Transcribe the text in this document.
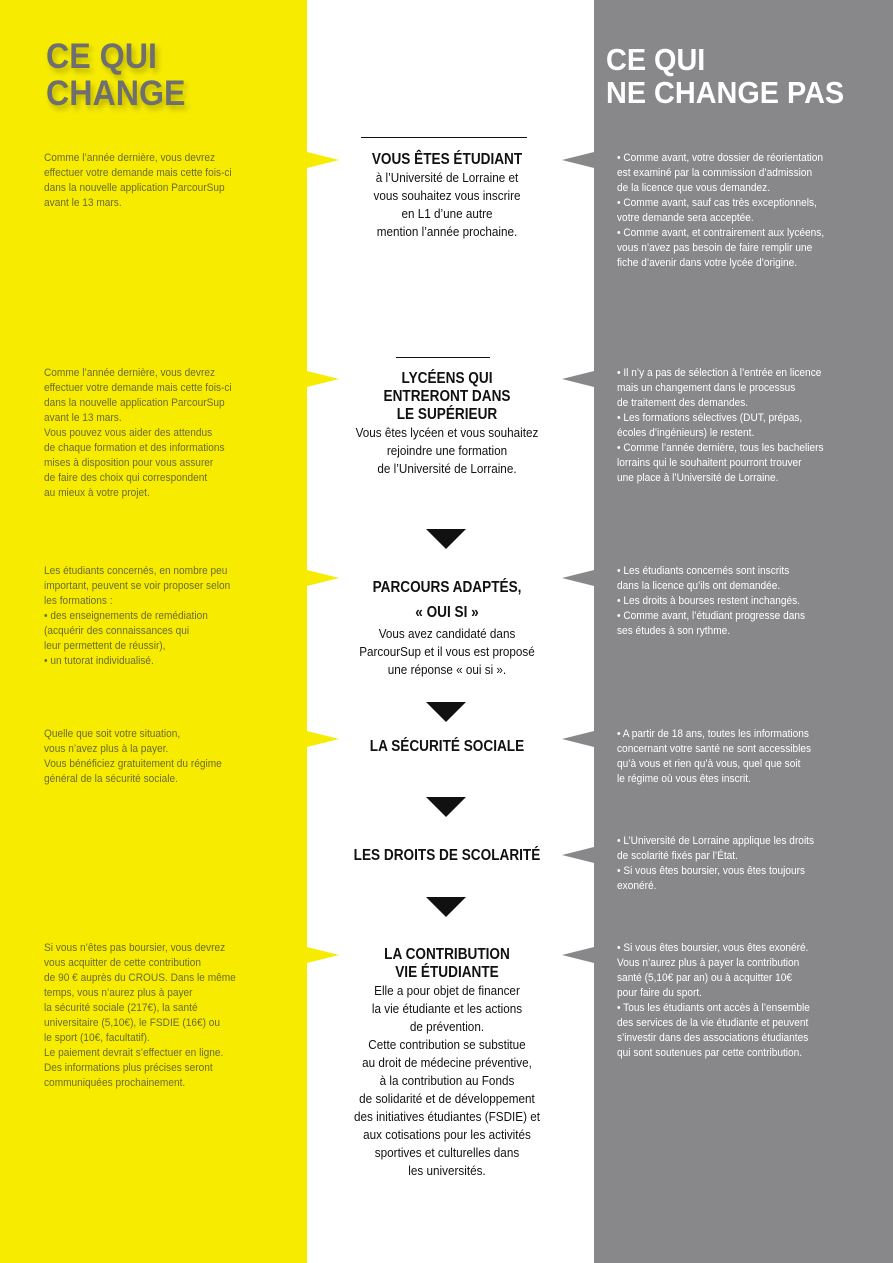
CE QUI
CHANGE
CE QUI
NE CHANGE PAS
Comme l’année dernière, vous devrez
effectuer votre demande mais cette fois-ci
dans la nouvelle application ParcourSup
avant le 13 mars.
VOUS ÊTES ÉTUDIANT
à l’Université de Lorraine et
vous souhaitez vous inscrire
en L1 d’une autre
mention l’année prochaine.
• Comme avant, votre dossier de réorientation
est examiné par la commission d’admission
de la licence que vous demandez.
• Comme avant, sauf cas très exceptionnels,
votre demande sera acceptée.
• Comme avant, et contrairement aux lycéens,
vous n’avez pas besoin de faire remplir une
fiche d’avenir dans votre lycée d’origine.
Comme l’année dernière, vous devrez
effectuer votre demande mais cette fois-ci
dans la nouvelle application ParcourSup
avant le 13 mars.
Vous pouvez vous aider des attendus
de chaque formation et des informations
mises à disposition pour vous assurer
de faire des choix qui correspondent
au mieux à votre projet.
LYCÉENS QUI
ENTRERONT DANS
LE SUPÉRIEUR
Vous êtes lycéen et vous souhaitez
rejoindre une formation
de l’Université de Lorraine.
• Il n’y a pas de sélection à l’entrée en licence
mais un changement dans le processus
de traitement des demandes.
• Les formations sélectives (DUT, prépas,
écoles d’ingénieurs) le restent.
• Comme l’année dernière, tous les bacheliers
lorrains qui le souhaitent pourront trouver
une place à l’Université de Lorraine.
Les étudiants concernés, en nombre peu
important, peuvent se voir proposer selon
les formations :
• des enseignements de remédiation
(acquérir des connaissances qui
leur permettent de réussir),
• un tutorat individualisé.
PARCOURS ADAPTÉS,
« OUI SI »
Vous avez candidaté dans
ParcourSup et il vous est proposé
une réponse « oui si ».
• Les étudiants concernés sont inscrits
dans la licence qu’ils ont demandée.
• Les droits à bourses restent inchangés.
• Comme avant, l’étudiant progresse dans
ses études à son rythme.
Quelle que soit votre situation,
vous n’avez plus à la payer.
Vous bénéficiez gratuitement du régime
général de la sécurité sociale.
LA SÉCURITÉ SOCIALE
• A partir de 18 ans, toutes les informations
concernant votre santé ne sont accessibles
qu’à vous et rien qu’à vous, quel que soit
le régime où vous êtes inscrit.
LES DROITS DE SCOLARITÉ
• L’Université de Lorraine applique les droits
de scolarité fixés par l’État.
• Si vous êtes boursier, vous êtes toujours
exonéré.
Si vous n’êtes pas boursier, vous devrez
vous acquitter de cette contribution
de 90 € auprès du CROUS. Dans le même
temps, vous n’aurez plus à payer
la sécurité sociale (217€), la santé
universitaire (5,10€), le FSDIE (16€) ou
le sport (10€, facultatif).
Le paiement devrait s’effectuer en ligne.
Des informations plus précises seront
communiquées prochainement.
LA CONTRIBUTION
VIE ÉTUDIANTE
Elle a pour objet de financer
la vie étudiante et les actions
de prévention.
Cette contribution se substitue
au droit de médecine préventive,
à la contribution au Fonds
de solidarité et de développement
des initiatives étudiantes (FSDIE) et
aux cotisations pour les activités
sportives et culturelles dans
les universités.
• Si vous êtes boursier, vous êtes exonéré.
Vous n’aurez plus à payer la contribution
santé (5,10€ par an) ou à acquitter 10€
pour faire du sport.
• Tous les étudiants ont accès à l’ensemble
des services de la vie étudiante et peuvent
s’investir dans des associations étudiantes
qui sont soutenues par cette contribution.
